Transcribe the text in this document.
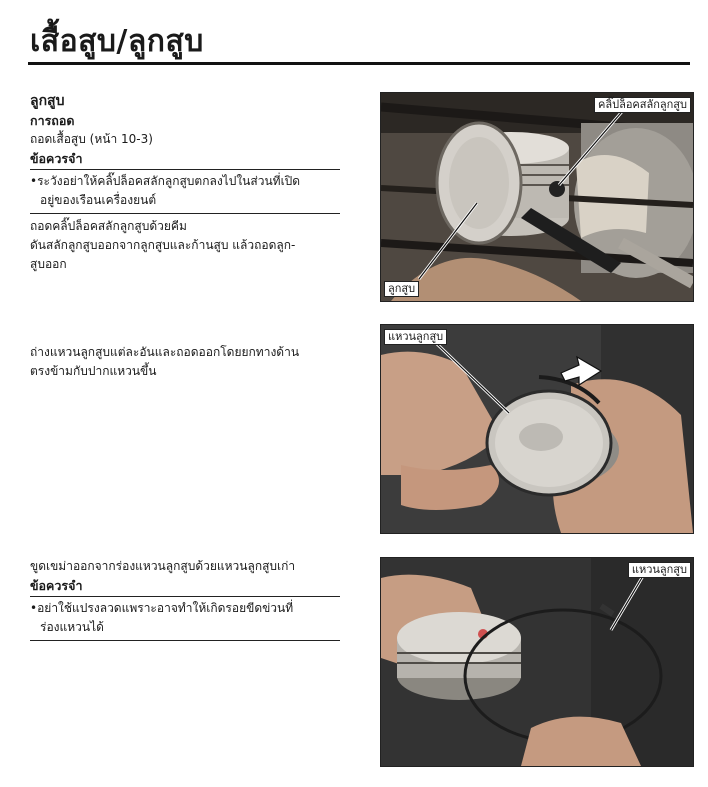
เสื้อสูบ/ลูกสูบ
ลูกสูบ
การถอด
ถอดเสื้อสูบ (หน้า 10-3)
ข้อควรจำ
•ระวังอย่าให้คลิ๊ปล็อคสลักลูกสูบตกลงไปในส่วนที่เปิด
อยู่ของเรือนเครื่องยนต์
ถอดคลิ๊ปล็อคสลักลูกสูบด้วยคีม
ดันสลักลูกสูบออกจากลูกสูบและก้านสูบ แล้วถอดลูก-
สูบออก
ถ่างแหวนลูกสูบแต่ละอันและถอดออกโดยยกทางด้าน
ตรงข้ามกับปากแหวนขึ้น
ขูดเขม่าออกจากร่องแหวนลูกสูบด้วยแหวนลูกสูบเก่า
ข้อควรจำ
•อย่าใช้แปรงลวดแพราะอาจทำให้เกิดรอยขีดข่วนที่
ร่องแหวนได้
คลิ๊ปล็อคสลักลูกสูบ
ลูกสูบ
แหวนลูกสูบ
แหวนลูกสูบ
